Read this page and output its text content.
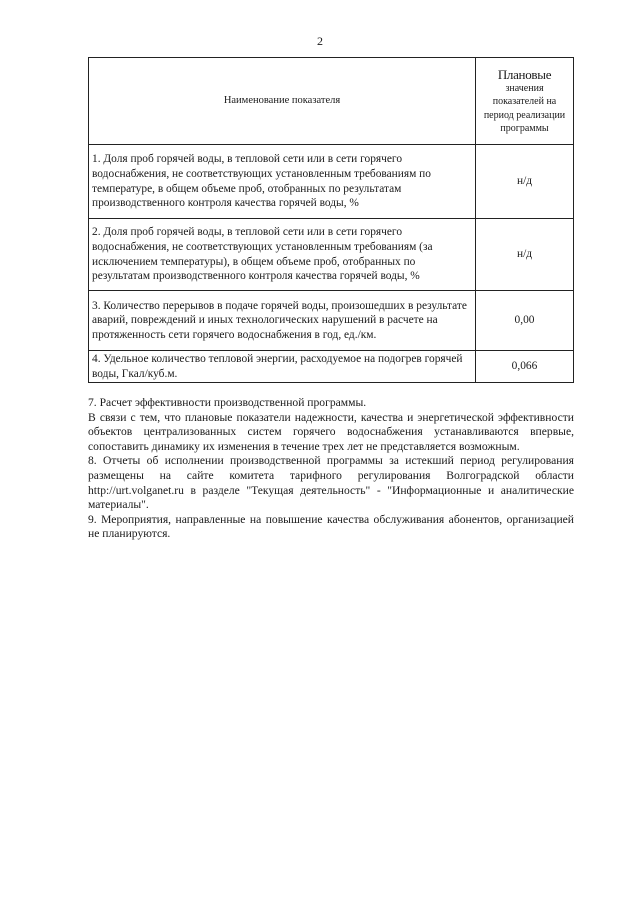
2
Наименование показателя	Плановые
значения показателей на период реализации программы
1. Доля проб горячей воды, в тепловой сети или в сети горячего водоснабжения, не соответствующих установленным требованиям по температуре, в общем объеме проб, отобранных по результатам производственного контроля качества горячей воды, %	н/д
2. Доля проб горячей воды, в тепловой сети или в сети горячего водоснабжения, не соответствующих установленным требованиям (за исключением температуры), в общем объеме проб, отобранных по результатам производственного контроля качества горячей воды, %	н/д
3. Количество перерывов в подаче горячей воды, произошедших в результате аварий, повреждений и иных технологических нарушений в расчете на протяженность сети горячего водоснабжения в год, ед./км.	0,00
4. Удельное количество тепловой энергии, расходуемое на подогрев горячей воды, Гкал/куб.м.	0,066

7. Расчет эффективности производственной программы.

В связи с тем, что плановые показатели надежности, качества и энергетической эффективности объектов централизованных систем горячего водоснабжения устанавливаются впервые, сопоставить динамику их изменения в течение трех лет не представляется возможным.

8. Отчеты об исполнении производственной программы за истекший период регулирования размещены на сайте комитета тарифного регулирования Волгоградской области http://urt.volganet.ru в разделе "Текущая деятельность" - "Информационные и аналитические материалы".

9. Мероприятия, направленные на повышение качества обслуживания абонентов, организацией не планируются.
